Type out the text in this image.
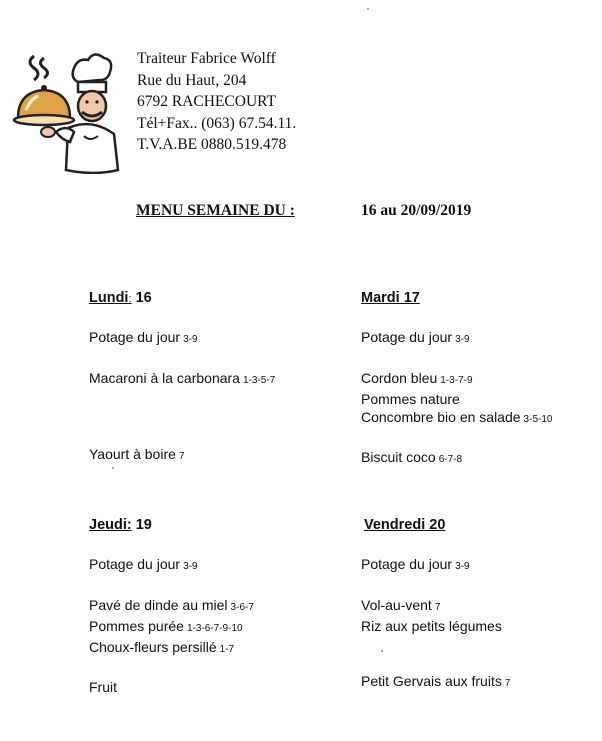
Traiteur Fabrice Wolff
Rue du Haut, 204
6792 RACHECOURT
Tél+Fax.. (063) 67.54.11.
T.V.A.BE 0880.519.478
MENU SEMAINE DU :	16 au 20/09/2019
Lundi: 16
Potage du jour 3-9
Macaroni à la carbonara 1-3-5-7
Yaourt à boire 7
Mardi 17
Potage du jour 3-9
Cordon bleu 1-3-7-9
Pommes nature
Concombre bio en salade 3-5-10
Biscuit coco 6-7-8
Jeudi: 19
Potage du jour 3-9
Pavé de dinde au miel 3-6-7
Pommes purée 1-3-6-7-9-10
Choux-fleurs persillé 1-7
Fruit
Vendredi 20
Potage du jour 3-9
Vol-au-vent 7
Riz aux petits légumes
Petit Gervais aux fruits 7
